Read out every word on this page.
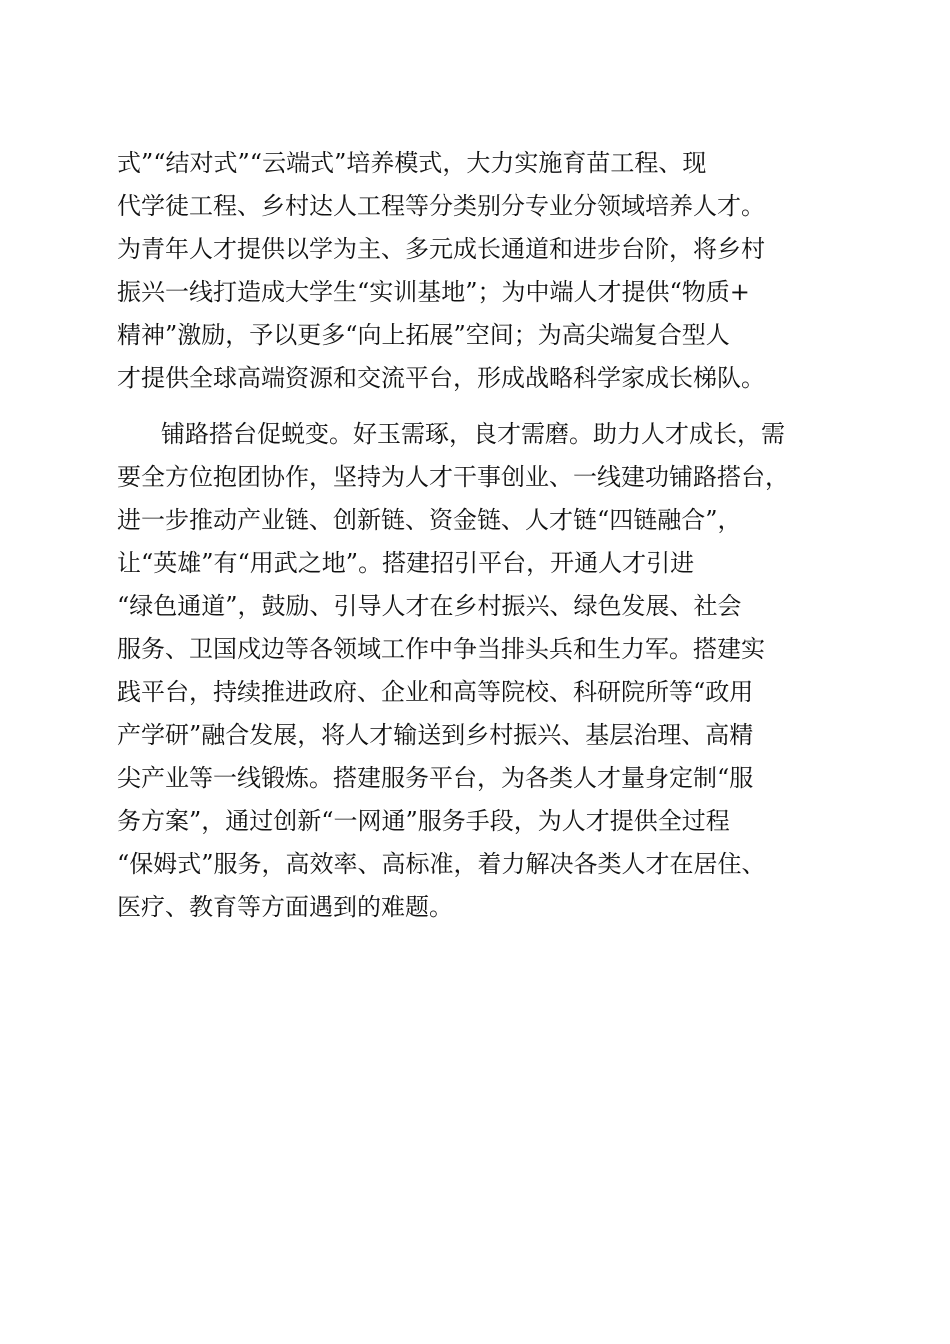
式”“结对式”“云端式”培养模式，大力实施育苗工程、现
代学徒工程、乡村达人工程等分类别分专业分领域培养人才。
为青年人才提供以学为主、多元成长通道和进步台阶，将乡村
振兴一线打造成大学生“实训基地”；为中端人才提供“物质+
精神”激励，予以更多“向上拓展”空间；为高尖端复合型人
才提供全球高端资源和交流平台，形成战略科学家成长梯队。
铺路搭台促蜕变。好玉需琢，良才需磨。助力人才成长，需
要全方位抱团协作，坚持为人才干事创业、一线建功铺路搭台，
进一步推动产业链、创新链、资金链、人才链“四链融合”，
让“英雄”有“用武之地”。搭建招引平台，开通人才引进
“绿色通道”，鼓励、引导人才在乡村振兴、绿色发展、社会
服务、卫国戍边等各领域工作中争当排头兵和生力军。搭建实
践平台，持续推进政府、企业和高等院校、科研院所等“政用
产学研”融合发展，将人才输送到乡村振兴、基层治理、高精
尖产业等一线锻炼。搭建服务平台，为各类人才量身定制“服
务方案”，通过创新“一网通”服务手段，为人才提供全过程
“保姆式”服务，高效率、高标准，着力解决各类人才在居住、
医疗、教育等方面遇到的难题。
